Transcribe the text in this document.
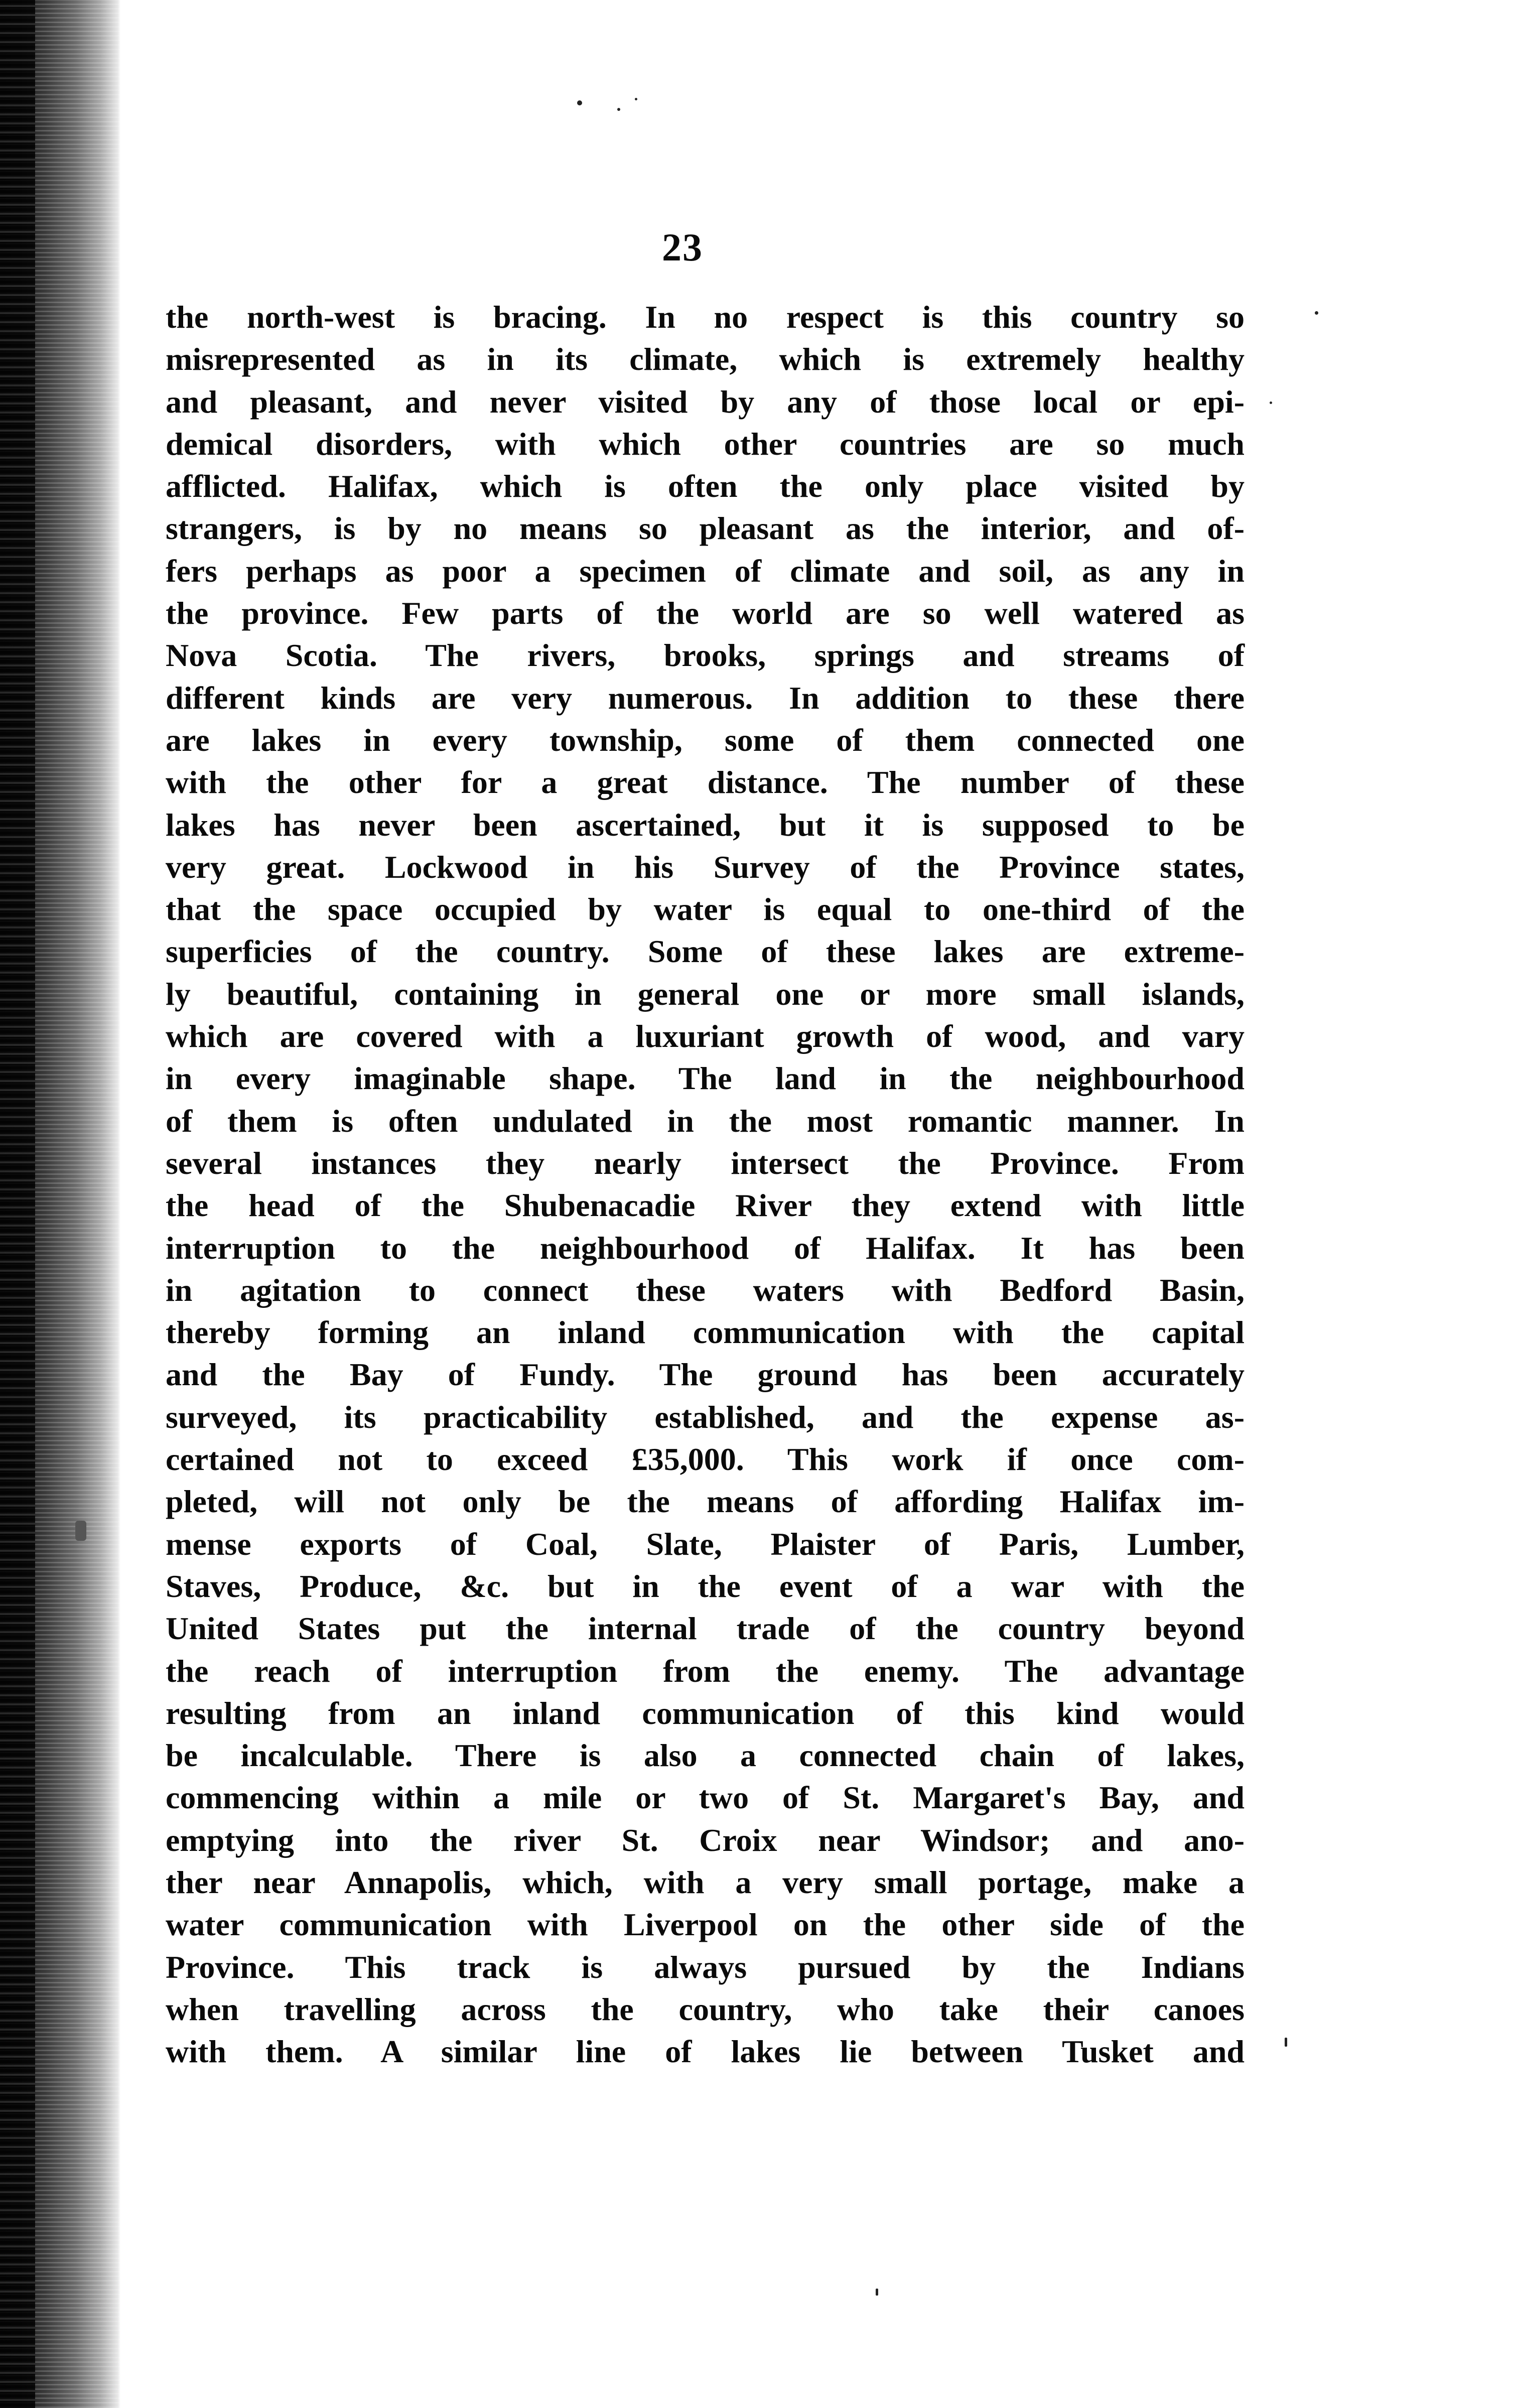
23
the north-west is bracing. In no respect is this country so
misrepresented as in its climate, which is extremely healthy
and pleasant, and never visited by any of those local or epi-
demical disorders, with which other countries are so much
afflicted. Halifax, which is often the only place visited by
strangers, is by no means so pleasant as the interior, and of-
fers perhaps as poor a specimen of climate and soil, as any in
the province. Few parts of the world are so well watered as
Nova Scotia. The rivers, brooks, springs and streams of
different kinds are very numerous. In addition to these there
are lakes in every township, some of them connected one
with the other for a great distance. The number of these
lakes has never been ascertained, but it is supposed to be
very great. Lockwood in his Survey of the Province states,
that the space occupied by water is equal to one-third of the
superficies of the country. Some of these lakes are extreme-
ly beautiful, containing in general one or more small islands,
which are covered with a luxuriant growth of wood, and vary
in every imaginable shape. The land in the neighbourhood
of them is often undulated in the most romantic manner. In
several instances they nearly intersect the Province. From
the head of the Shubenacadie River they extend with little
interruption to the neighbourhood of Halifax. It has been
in agitation to connect these waters with Bedford Basin,
thereby forming an inland communication with the capital
and the Bay of Fundy. The ground has been accurately
surveyed, its practicability established, and the expense as-
certained not to exceed £35,000. This work if once com-
pleted, will not only be the means of affording Halifax im-
mense exports of Coal, Slate, Plaister of Paris, Lumber,
Staves, Produce, &c. but in the event of a war with the
United States put the internal trade of the country beyond
the reach of interruption from the enemy. The advantage
resulting from an inland communication of this kind would
be incalculable. There is also a connected chain of lakes,
commencing within a mile or two of St. Margaret's Bay, and
emptying into the river St. Croix near Windsor; and ano-
ther near Annapolis, which, with a very small portage, make a
water communication with Liverpool on the other side of the
Province. This track is always pursued by the Indians
when travelling across the country, who take their canoes
with them. A similar line of lakes lie between Tusket and
